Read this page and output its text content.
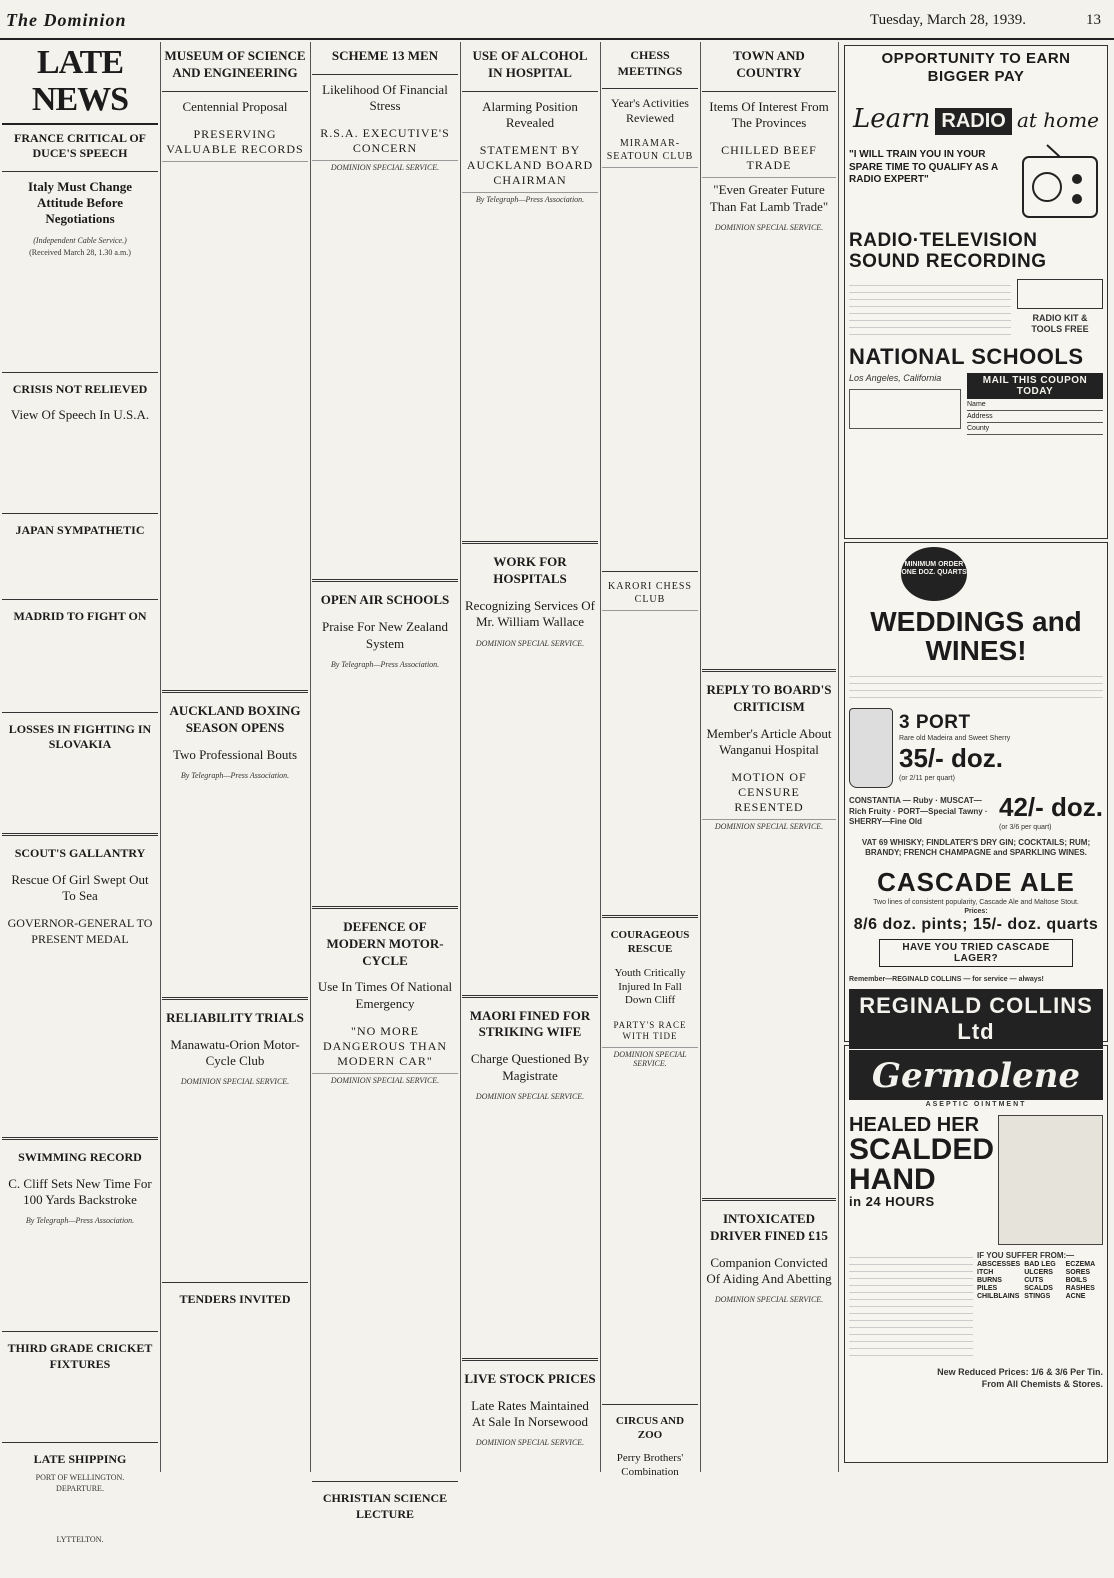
The Dominion	Tuesday, March 28, 1939.	13
LATE NEWS
FRANCE CRITICAL OF DUCE'S SPEECH
Italy Must Change Attitude Before Negotiations
(Independent Cable Service.)
(Received March 28, 1.30 a.m.)
CRISIS NOT RELIEVED
View Of Speech In U.S.A.
JAPAN SYMPATHETIC
MADRID TO FIGHT ON
LOSSES IN FIGHTING IN SLOVAKIA
SCOUT'S GALLANTRY
Rescue Of Girl Swept Out To Sea
GOVERNOR-GENERAL TO PRESENT MEDAL
SWIMMING RECORD
C. Cliff Sets New Time For 100 Yards Backstroke
By Telegraph—Press Association.
THIRD GRADE CRICKET FIXTURES
LATE SHIPPING
PORT OF WELLINGTON.
DEPARTURE.
LYTTELTON.
MUSEUM OF SCIENCE AND ENGINEERING
Centennial Proposal
PRESERVING VALUABLE RECORDS
AUCKLAND BOXING SEASON OPENS
Two Professional Bouts
By Telegraph—Press Association.
RELIABILITY TRIALS
Manawatu-Orion Motor-Cycle Club
DOMINION SPECIAL SERVICE.
TENDERS INVITED
SCHEME 13 MEN
Likelihood Of Financial Stress
R.S.A. EXECUTIVE'S CONCERN
DOMINION SPECIAL SERVICE.
OPEN AIR SCHOOLS
Praise For New Zealand System
By Telegraph—Press Association.
DEFENCE OF MODERN MOTOR-CYCLE
Use In Times Of National Emergency
"NO MORE DANGEROUS THAN MODERN CAR"
DOMINION SPECIAL SERVICE.
CHRISTIAN SCIENCE LECTURE
USE OF ALCOHOL IN HOSPITAL
Alarming Position Revealed
STATEMENT BY AUCKLAND BOARD CHAIRMAN
By Telegraph—Press Association.
WORK FOR HOSPITALS
Recognizing Services Of Mr. William Wallace
DOMINION SPECIAL SERVICE.
MAORI FINED FOR STRIKING WIFE
Charge Questioned By Magistrate
DOMINION SPECIAL SERVICE.
LIVE STOCK PRICES
Late Rates Maintained At Sale In Norsewood
DOMINION SPECIAL SERVICE.
CHESS MEETINGS
Year's Activities Reviewed
MIRAMAR-SEATOUN CLUB
KARORI CHESS CLUB
COURAGEOUS RESCUE
Youth Critically Injured In Fall Down Cliff
PARTY'S RACE WITH TIDE
DOMINION SPECIAL SERVICE.
CIRCUS AND ZOO
Perry Brothers' Combination
TOWN AND COUNTRY
Items Of Interest From The Provinces
CHILLED BEEF TRADE
"Even Greater Future Than Fat Lamb Trade"
DOMINION SPECIAL SERVICE.
REPLY TO BOARD'S CRITICISM
Member's Article About Wanganui Hospital
MOTION OF CENSURE RESENTED
DOMINION SPECIAL SERVICE.
INTOXICATED DRIVER FINED £15
Companion Convicted Of Aiding And Abetting
DOMINION SPECIAL SERVICE.
OPPORTUNITY TO EARN BIGGER PAY
Learn RADIO at home
"I WILL TRAIN YOU IN YOUR SPARE TIME TO QUALIFY AS A RADIO EXPERT"
RADIO·TELEVISION SOUND RECORDING
RADIO KIT & TOOLS FREE
NATIONAL SCHOOLS
Los Angeles, California	MAIL THIS COUPON TODAY
Name
Address
County
MINIMUM ORDER ONE DOZ. QUARTS
WEDDINGS and WINES!
3 PORT
Rare old Madeira and Sweet Sherry
35/- doz.
(or 2/11 per quart)
CONSTANTIA — Ruby · MUSCAT—Rich Fruity · PORT—Special Tawny · SHERRY—Fine Old	42/- doz.
(or 3/6 per quart)
VAT 69 WHISKY; FINDLATER'S DRY GIN; COCKTAILS; RUM; BRANDY; FRENCH CHAMPAGNE and SPARKLING WINES.
CASCADE ALE
Two lines of consistent popularity, Cascade Ale and Maltose Stout.
Prices:
8/6 doz. pints; 15/- doz. quarts
HAVE YOU TRIED CASCADE LAGER?
Remember—REGINALD COLLINS — for service — always!
REGINALD COLLINS Ltd
Germolene
ASEPTIC OINTMENT
HEALED HER
SCALDED
HAND
in 24 HOURS
IF YOU SUFFER FROM:—
ABSCESSES BAD LEG	ECZEMA
ITCH	ULCERS	SORES
BURNS	CUTS	BOILS
PILES	SCALDS	RASHES
CHILBLAINS STINGS	ACNE
New Reduced Prices: 1/6 & 3/6 Per Tin.
From All Chemists & Stores.
